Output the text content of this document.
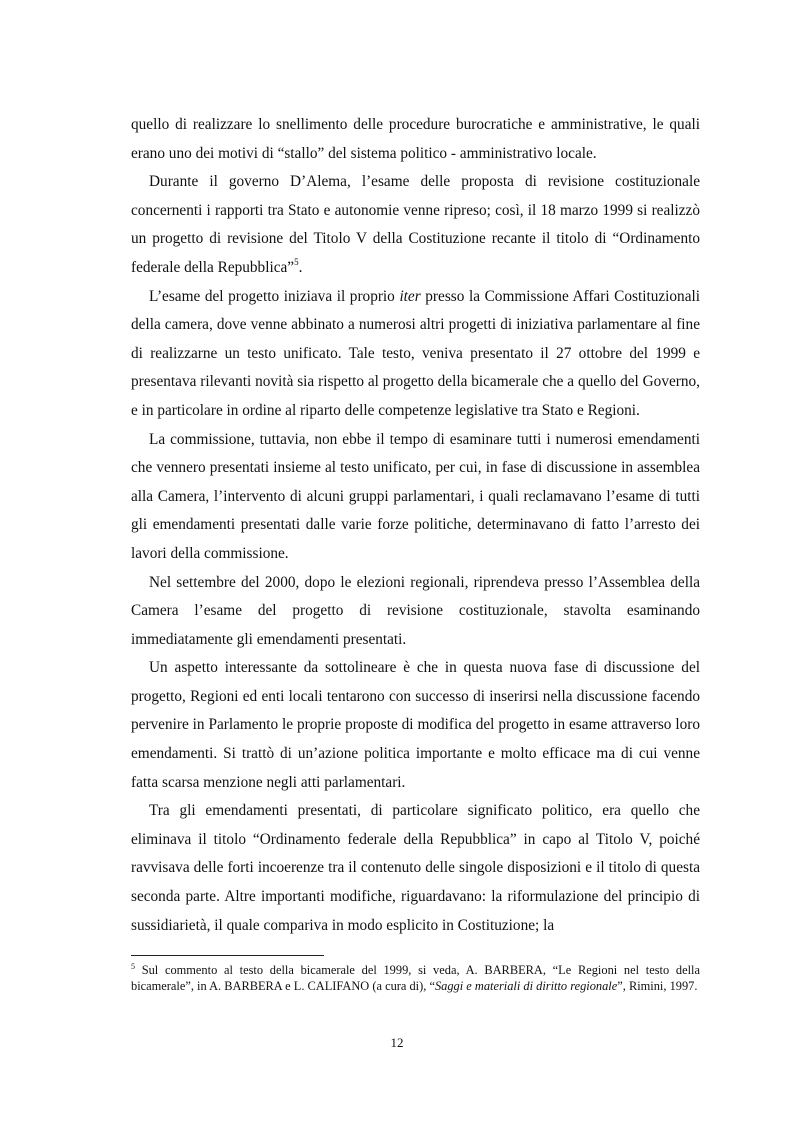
quello di realizzare lo snellimento delle procedure burocratiche e amministrative, le quali erano uno dei motivi di “stallo” del sistema politico - amministrativo locale.

Durante il governo D’Alema, l’esame delle proposta di revisione costituzionale concernenti i rapporti tra Stato e autonomie venne ripreso; così, il 18 marzo 1999 si realizzò un progetto di revisione del Titolo V della Costituzione recante il titolo di “Ordinamento federale della Repubblica”$^5$.

L’esame del progetto iniziava il proprio iter presso la Commissione Affari Costituzionali della camera, dove venne abbinato a numerosi altri progetti di iniziativa parlamentare al fine di realizzarne un testo unificato. Tale testo, veniva presentato il 27 ottobre del 1999 e presentava rilevanti novità sia rispetto al progetto della bicamerale che a quello del Governo, e in particolare in ordine al riparto delle competenze legislative tra Stato e Regioni.

La commissione, tuttavia, non ebbe il tempo di esaminare tutti i numerosi emendamenti che vennero presentati insieme al testo unificato, per cui, in fase di discussione in assemblea alla Camera, l’intervento di alcuni gruppi parlamentari, i quali reclamavano l’esame di tutti gli emendamenti presentati dalle varie forze politiche, determinavano di fatto l’arresto dei lavori della commissione.

Nel settembre del 2000, dopo le elezioni regionali, riprendeva presso l’Assemblea della Camera l’esame del progetto di revisione costituzionale, stavolta esaminando immediatamente gli emendamenti presentati.

Un aspetto interessante da sottolineare è che in questa nuova fase di discussione del progetto, Regioni ed enti locali tentarono con successo di inserirsi nella discussione facendo pervenire in Parlamento le proprie proposte di modifica del progetto in esame attraverso loro emendamenti. Si trattò di un’azione politica importante e molto efficace ma di cui venne fatta scarsa menzione negli atti parlamentari.

Tra gli emendamenti presentati, di particolare significato politico, era quello che eliminava il titolo “Ordinamento federale della Repubblica” in capo al Titolo V, poiché ravvisava delle forti incoerenze tra il contenuto delle singole disposizioni e il titolo di questa seconda parte. Altre importanti modifiche, riguardavano: la riformulazione del principio di sussidiarietà, il quale compariva in modo esplicito in Costituzione; la

$^5$ Sul commento al testo della bicamerale del 1999, si veda, A. BARBERA, “Le Regioni nel testo della bicamerale”, in A. BARBERA e L. CALIFANO (a cura di), “Saggi e materiali di diritto regionale”, Rimini, 1997.
12
